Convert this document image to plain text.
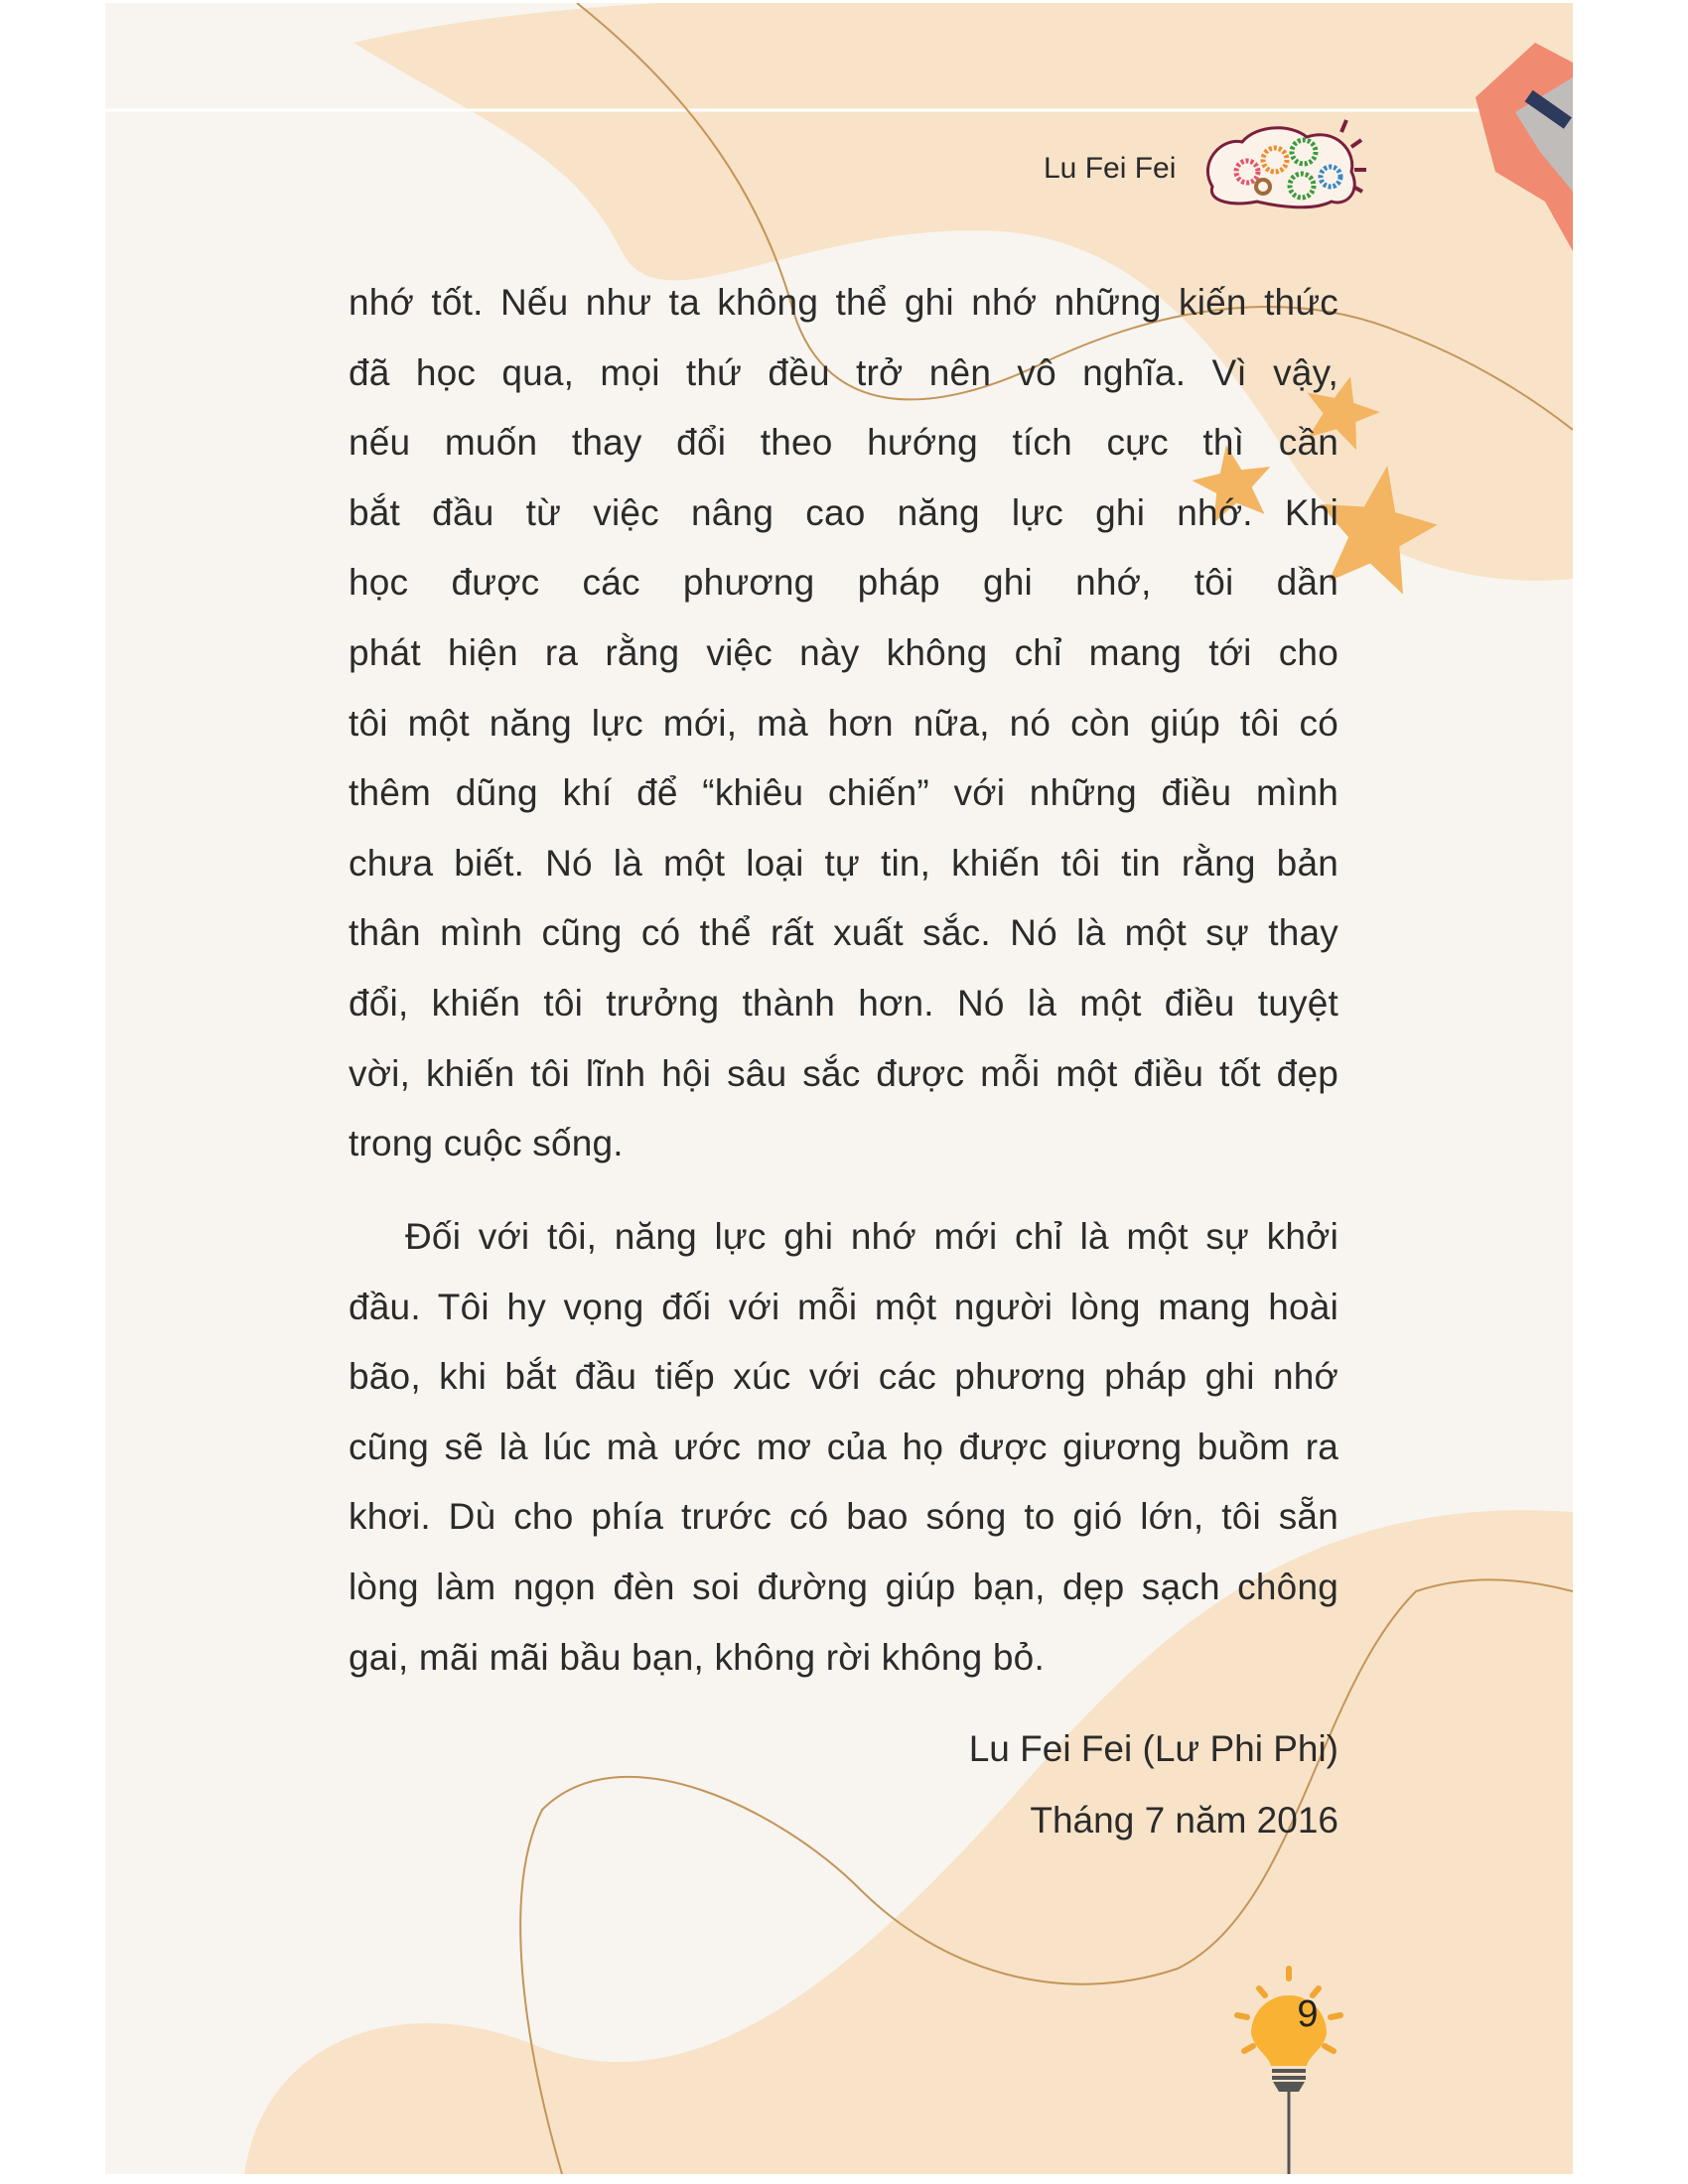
Lu Fei Fei
nhớ tốt. Nếu như ta không thể ghi nhớ những kiến thức
đã học qua, mọi thứ đều trở nên vô nghĩa. Vì vậy,
nếu muốn thay đổi theo hướng tích cực thì cần
bắt đầu từ việc nâng cao năng lực ghi nhớ. Khi
học được các phương pháp ghi nhớ, tôi dần
phát hiện ra rằng việc này không chỉ mang tới cho
tôi một năng lực mới, mà hơn nữa, nó còn giúp tôi có
thêm dũng khí để “khiêu chiến” với những điều mình
chưa biết. Nó là một loại tự tin, khiến tôi tin rằng bản
thân mình cũng có thể rất xuất sắc. Nó là một sự thay
đổi, khiến tôi trưởng thành hơn. Nó là một điều tuyệt
vời, khiến tôi lĩnh hội sâu sắc được mỗi một điều tốt đẹp
trong cuộc sống.
Đối với tôi, năng lực ghi nhớ mới chỉ là một sự khởi
đầu. Tôi hy vọng đối với mỗi một người lòng mang hoài
bão, khi bắt đầu tiếp xúc với các phương pháp ghi nhớ
cũng sẽ là lúc mà ước mơ của họ được giương buồm ra
khơi. Dù cho phía trước có bao sóng to gió lớn, tôi sẵn
lòng làm ngọn đèn soi đường giúp bạn, dẹp sạch chông
gai, mãi mãi bầu bạn, không rời không bỏ.
Lu Fei Fei (Lư Phi Phi)
Tháng 7 năm 2016
9
